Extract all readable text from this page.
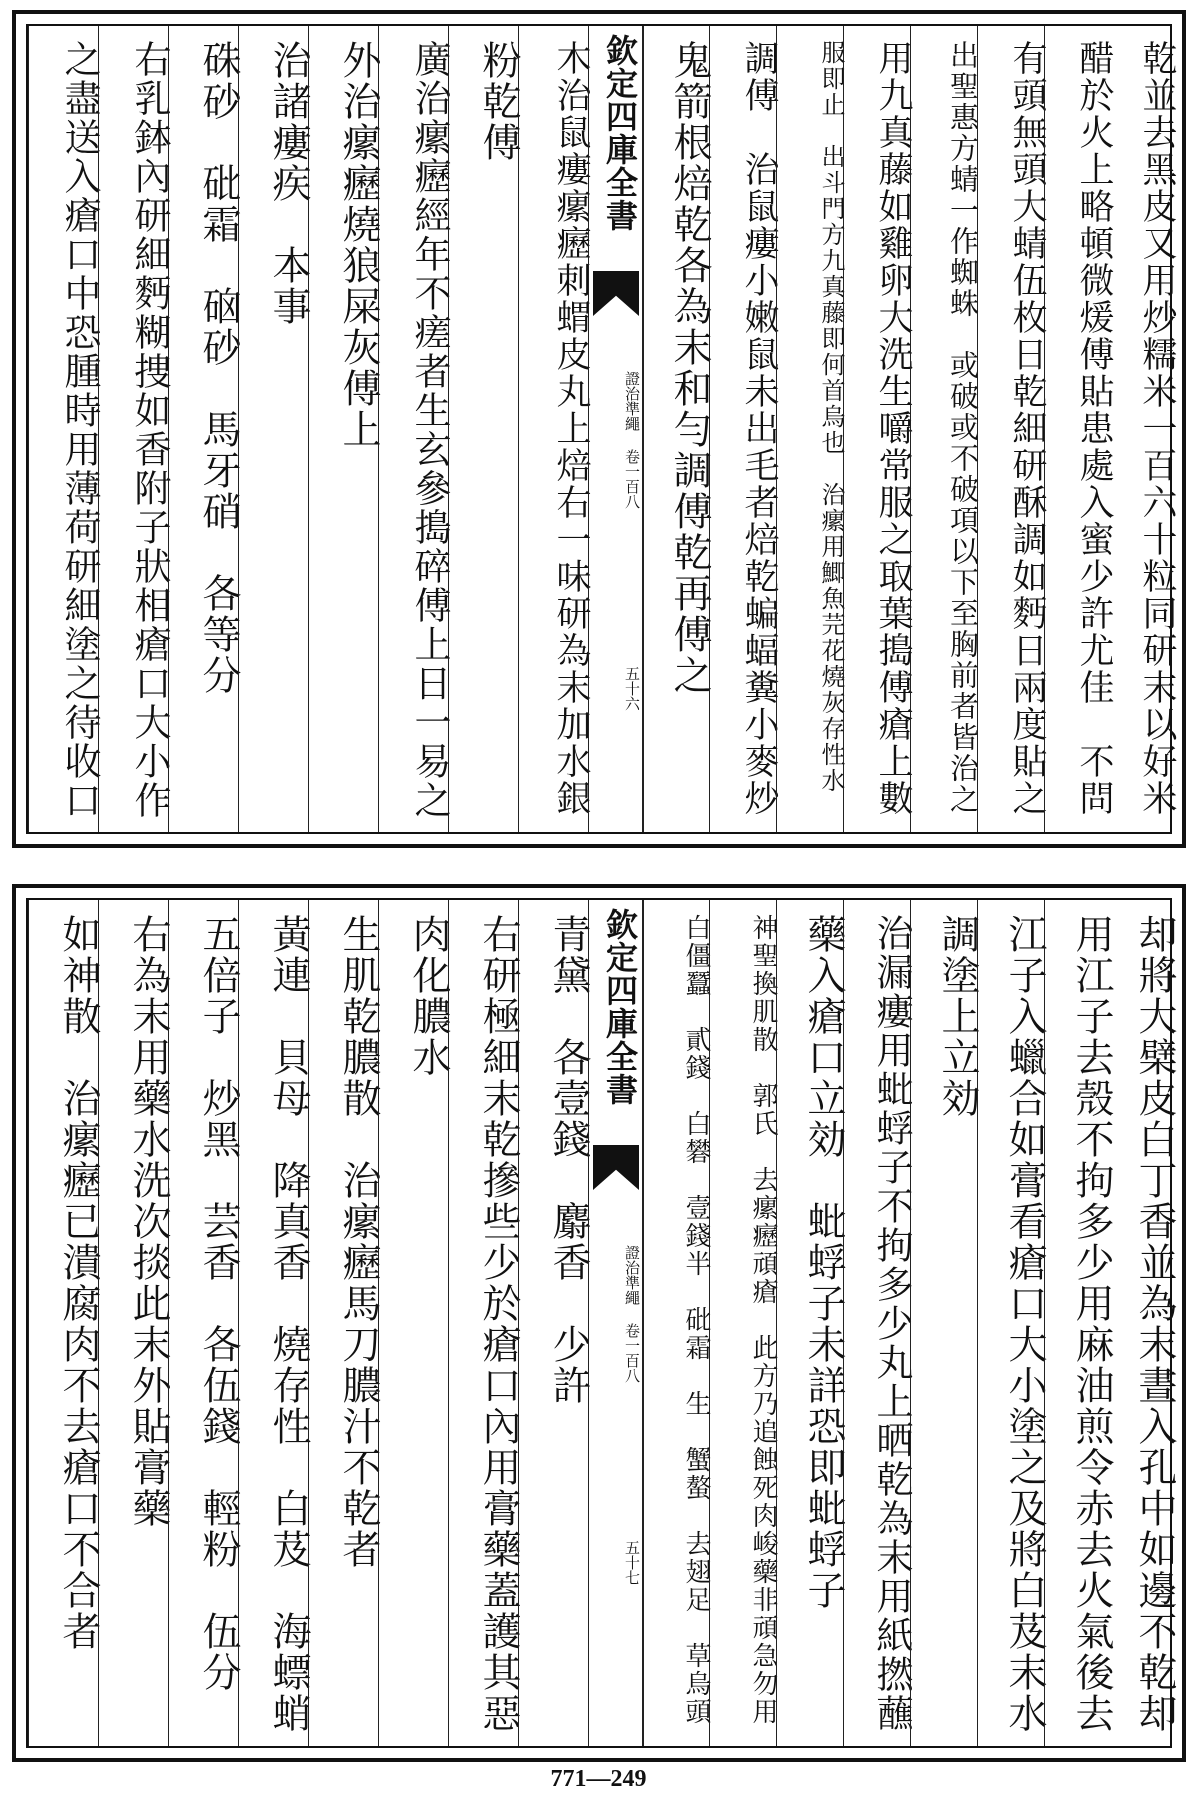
之盡送入瘡口中恐腫時用薄荷研細塗之待收口 右乳鉢內研細麪糊捜如香附子狀相瘡口大小作 硃砂　砒霜　硇砂　馬牙硝　各等分 治諸瘻疾　本事 外治瘰癧燒狼屎灰傅上 廣治瘰癧經年不瘥者生玄參搗碎傅上日一易之 粉乾傅 木治鼠瘻瘰癧刺蝟皮丸上焙右一味研為末加水銀 欽定四庫全書
證治準繩 卷一百八
五十六 鬼箭根焙乾各為末和勻調傅乾再傅之 調傅　治鼠瘻小嫩鼠未出毛者焙乾蝙蝠糞小麥炒	服即止　出斗門方九真藤即何首烏也　治瘰用鯽魚芫花燒灰存性水 用九真藤如雞卵大洗生嚼常服之取葉搗傅瘡上數	出聖惠方蜻一作蜘蛛　或破或不破項以下至胸前者皆治之 有頭無頭大蜻伍枚日乾細研酥調如麪日兩度貼之 醋於火上略頓微煖傅貼患處入蜜少許尤佳　不問 乾並去黑皮又用炒糯米一百六十粒同研末以好米
如神散　治瘰癧已潰腐肉不去瘡口不合者 右為末用藥水洗次掞此末外貼膏藥 五倍子　炒黑　芸香　各伍錢　輕粉　伍分 黃連　貝母　降真香　燒存性　白芨　海螵蛸 生肌乾膿散　治瘰癧馬刀膿汁不乾者 肉化膿水 右研極細末乾摻些少於瘡口內用膏藥蓋護其惡 青黛　各壹錢　麝香　少許 欽定四庫全書
證治準繩 卷一百八
五十七	白僵蠶　貳錢　白礬　壹錢半　砒霜　生　蟹螯　去翅足　草烏頭	神聖換肌散　郭氏　去瘰癧頑瘡　此方乃追蝕死肉峻藥非頑急勿用 藥入瘡口立効　蚍蜉子未詳恐即蚍蜉子 治漏瘻用蚍蜉子不拘多少丸上晒乾為末用紙撚蘸 調塗上立効 江子入蠟合如膏看瘡口大小塗之及將白芨末水 用江子去殼不拘多少用麻油煎令赤去火氣後去 却將大檗皮白丁香並為末晝入孔中如邊不乾却
771—249
